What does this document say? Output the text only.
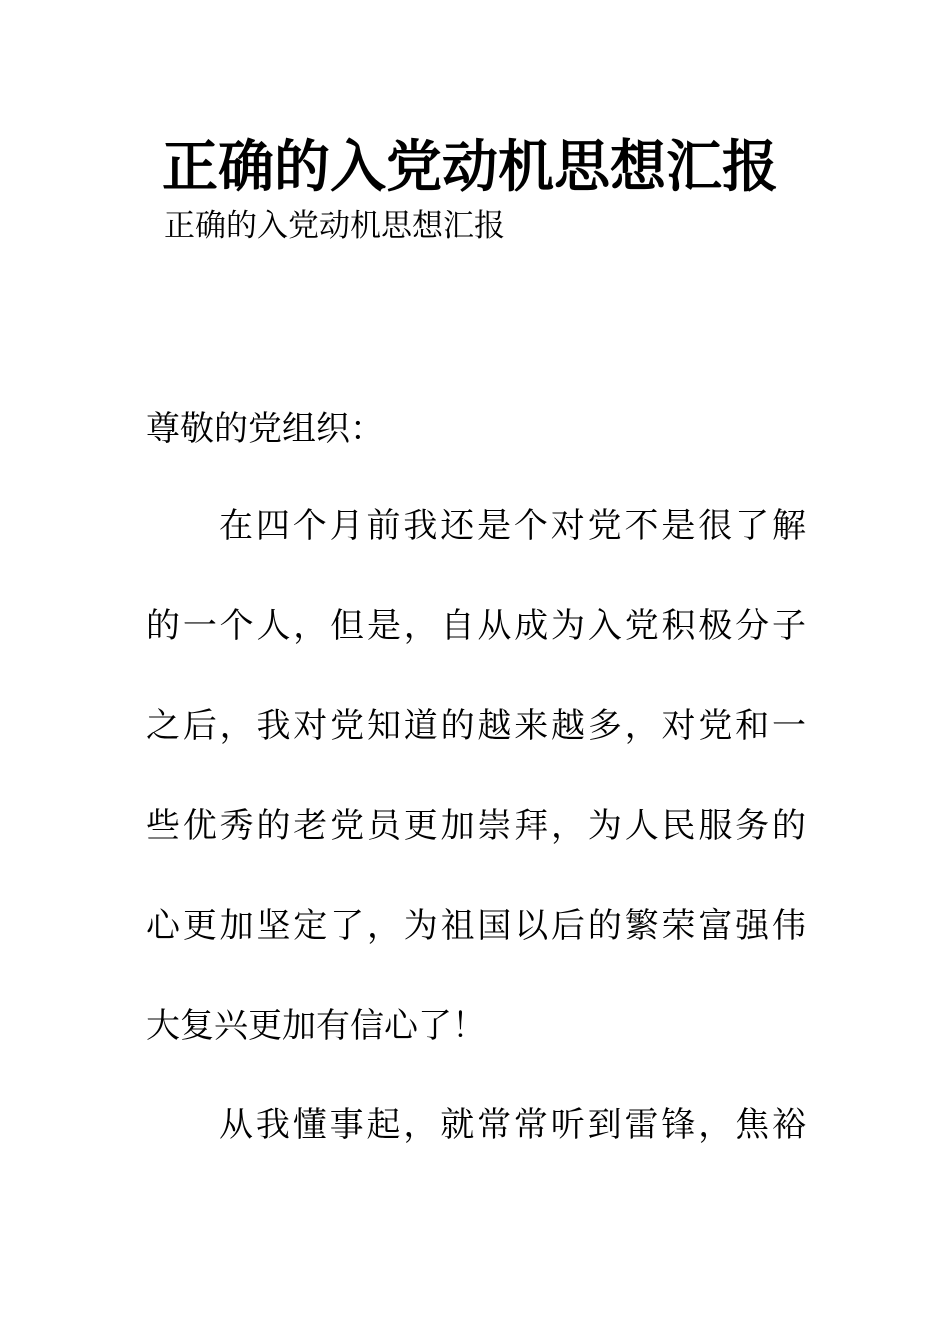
正确的入党动机思想汇报
正确的入党动机思想汇报

尊敬的党组织：

在四个月前我还是个对党不是很了解

的一个人，但是，自从成为入党积极分子

之后，我对党知道的越来越多，对党和一

些优秀的老党员更加崇拜，为人民服务的

心更加坚定了，为祖国以后的繁荣富强伟

大复兴更加有信心了！

从我懂事起，就常常听到雷锋，焦裕
